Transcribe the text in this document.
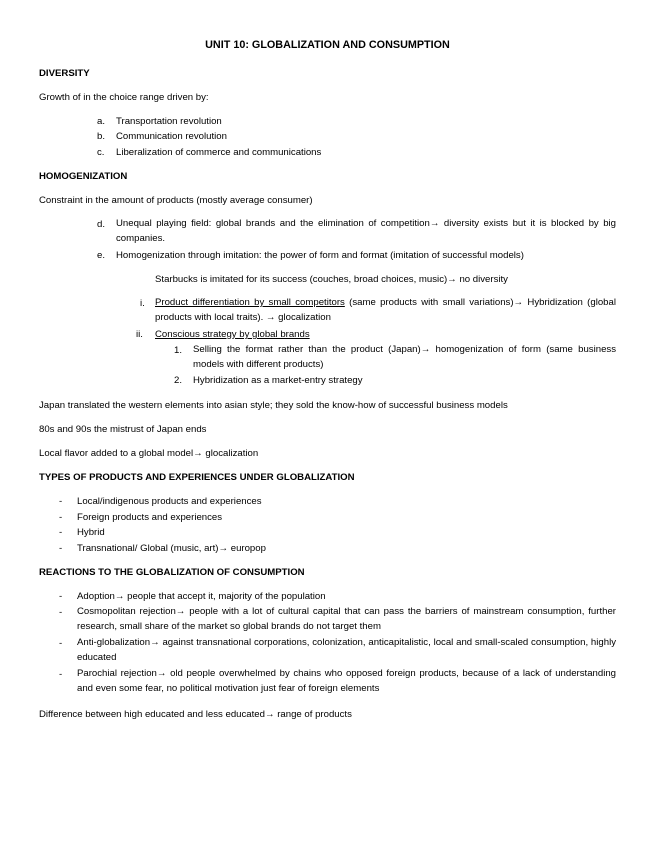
UNIT 10: GLOBALIZATION AND CONSUMPTION
DIVERSITY
Growth of in the choice range driven by:
a. Transportation revolution
b. Communication revolution
c. Liberalization of commerce and communications
HOMOGENIZATION
Constraint in the amount of products (mostly average consumer)
d. Unequal playing field: global brands and the elimination of competition→ diversity exists but it is blocked by big companies.
e. Homogenization through imitation: the power of form and format (imitation of successful models)
Starbucks is imitated for its success (couches, broad choices, music)→ no diversity
i. Product differentiation by small competitors (same products with small variations)→ Hybridization (global products with local traits). → glocalization
ii. Conscious strategy by global brands
1. Selling the format rather than the product (Japan)→ homogenization of form (same business models with different products)
2. Hybridization as a market-entry strategy
Japan translated the western elements into asian style; they sold the know-how of successful business models
80s and 90s the mistrust of Japan ends
Local flavor added to a global model→ glocalization
TYPES OF PRODUCTS AND EXPERIENCES UNDER GLOBALIZATION
- Local/indigenous products and experiences
- Foreign products and experiences
- Hybrid
- Transnational/ Global (music, art)→ europop
REACTIONS TO THE GLOBALIZATION OF CONSUMPTION
- Adoption→ people that accept it, majority of the population
- Cosmopolitan rejection→ people with a lot of cultural capital that can pass the barriers of mainstream consumption, further research, small share of the market so global brands do not target them
- Anti-globalization→ against transnational corporations, colonization, anticapitalistic, local and small-scaled consumption, highly educated
- Parochial rejection→ old people overwhelmed by chains who opposed foreign products, because of a lack of understanding and even some fear, no political motivation just fear of foreign elements
Difference between high educated and less educated→ range of products
